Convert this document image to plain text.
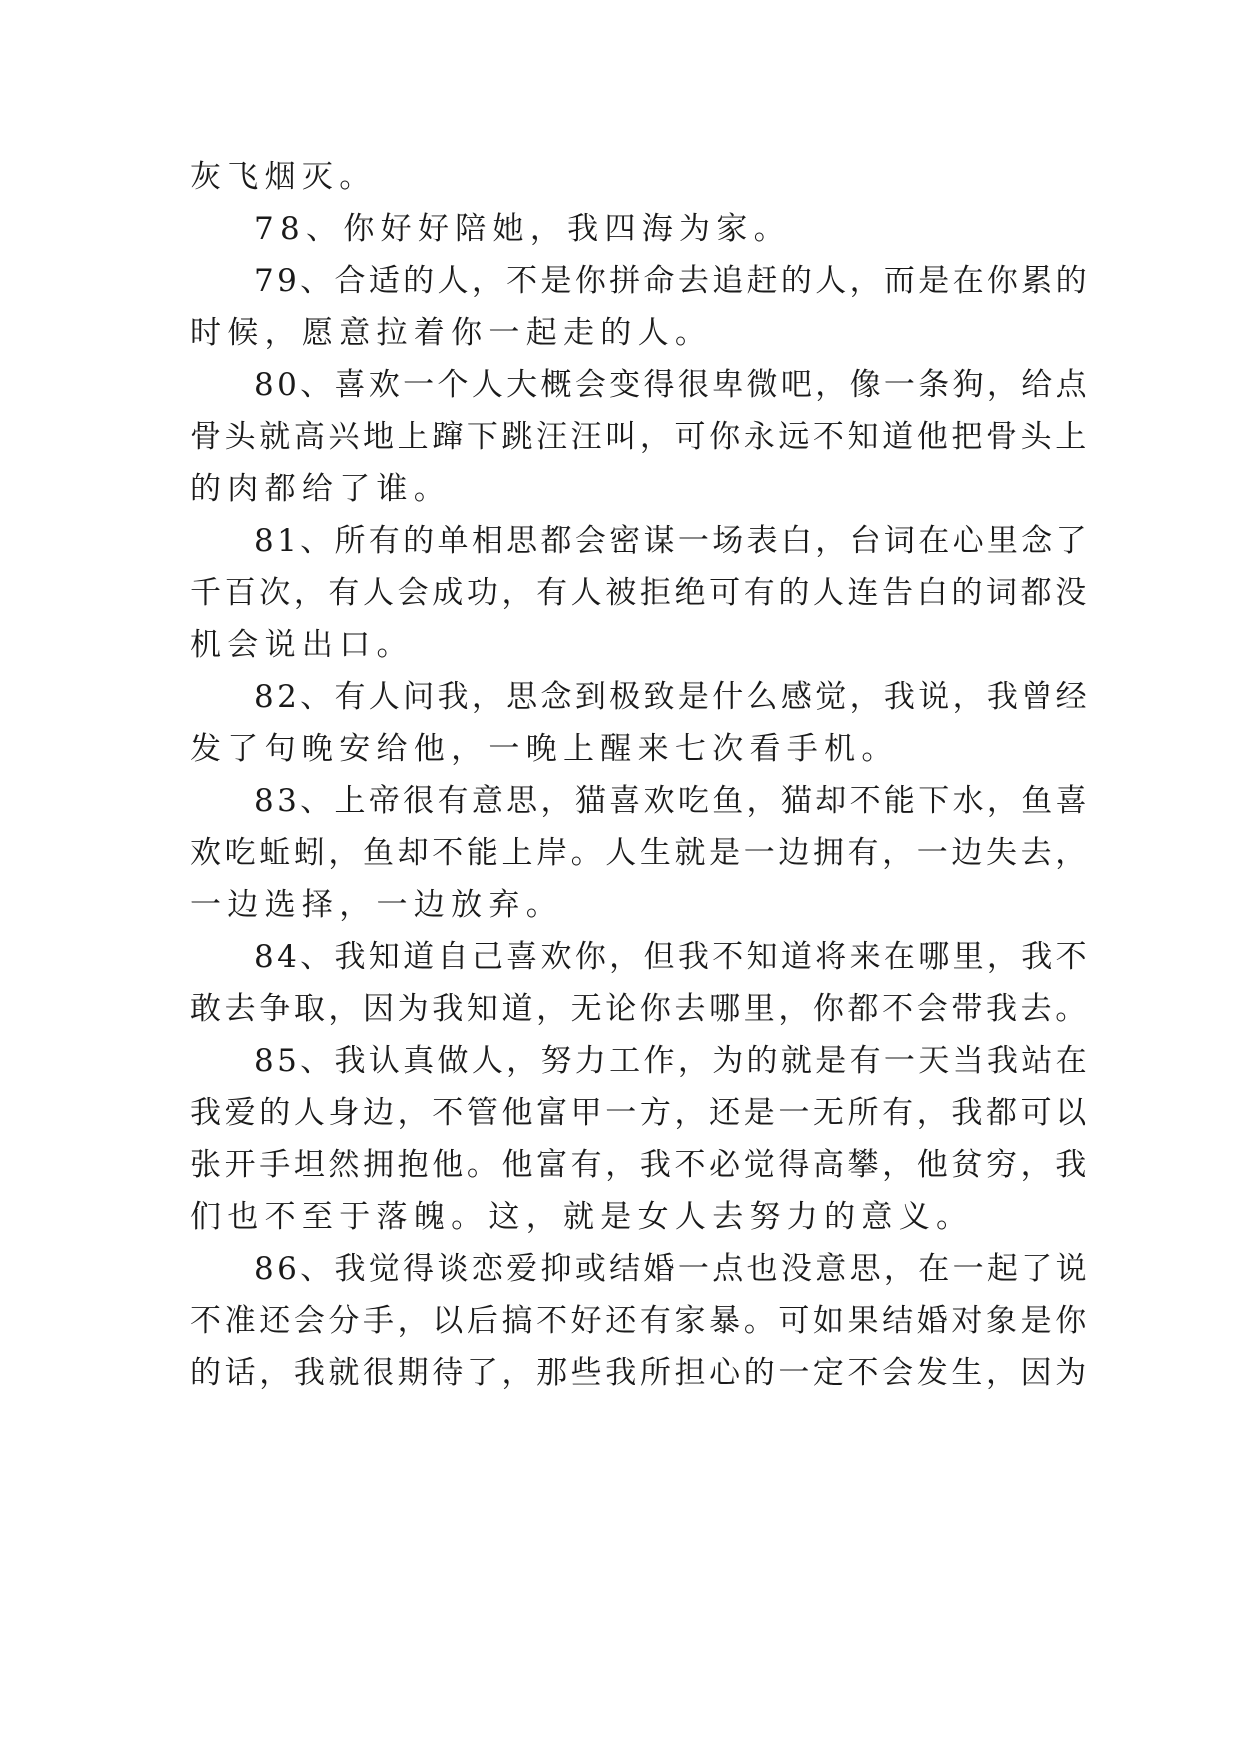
灰飞烟灭。
78、你好好陪她，我四海为家。
79、合适的人，不是你拼命去追赶的人，而是在你累的
时候，愿意拉着你一起走的人。
80、喜欢一个人大概会变得很卑微吧，像一条狗，给点
骨头就高兴地上蹿下跳汪汪叫，可你永远不知道他把骨头上
的肉都给了谁。
81、所有的单相思都会密谋一场表白，台词在心里念了
千百次，有人会成功，有人被拒绝可有的人连告白的词都没
机会说出口。
82、有人问我，思念到极致是什么感觉，我说，我曾经
发了句晚安给他，一晚上醒来七次看手机。
83、上帝很有意思，猫喜欢吃鱼，猫却不能下水，鱼喜
欢吃蚯蚓，鱼却不能上岸。人生就是一边拥有，一边失去，
一边选择，一边放弃。
84、我知道自己喜欢你，但我不知道将来在哪里，我不
敢去争取，因为我知道，无论你去哪里，你都不会带我去。
85、我认真做人，努力工作，为的就是有一天当我站在
我爱的人身边，不管他富甲一方，还是一无所有，我都可以
张开手坦然拥抱他。他富有，我不必觉得高攀，他贫穷，我
们也不至于落魄。这，就是女人去努力的意义。
86、我觉得谈恋爱抑或结婚一点也没意思，在一起了说
不准还会分手，以后搞不好还有家暴。可如果结婚对象是你
的话，我就很期待了，那些我所担心的一定不会发生，因为
